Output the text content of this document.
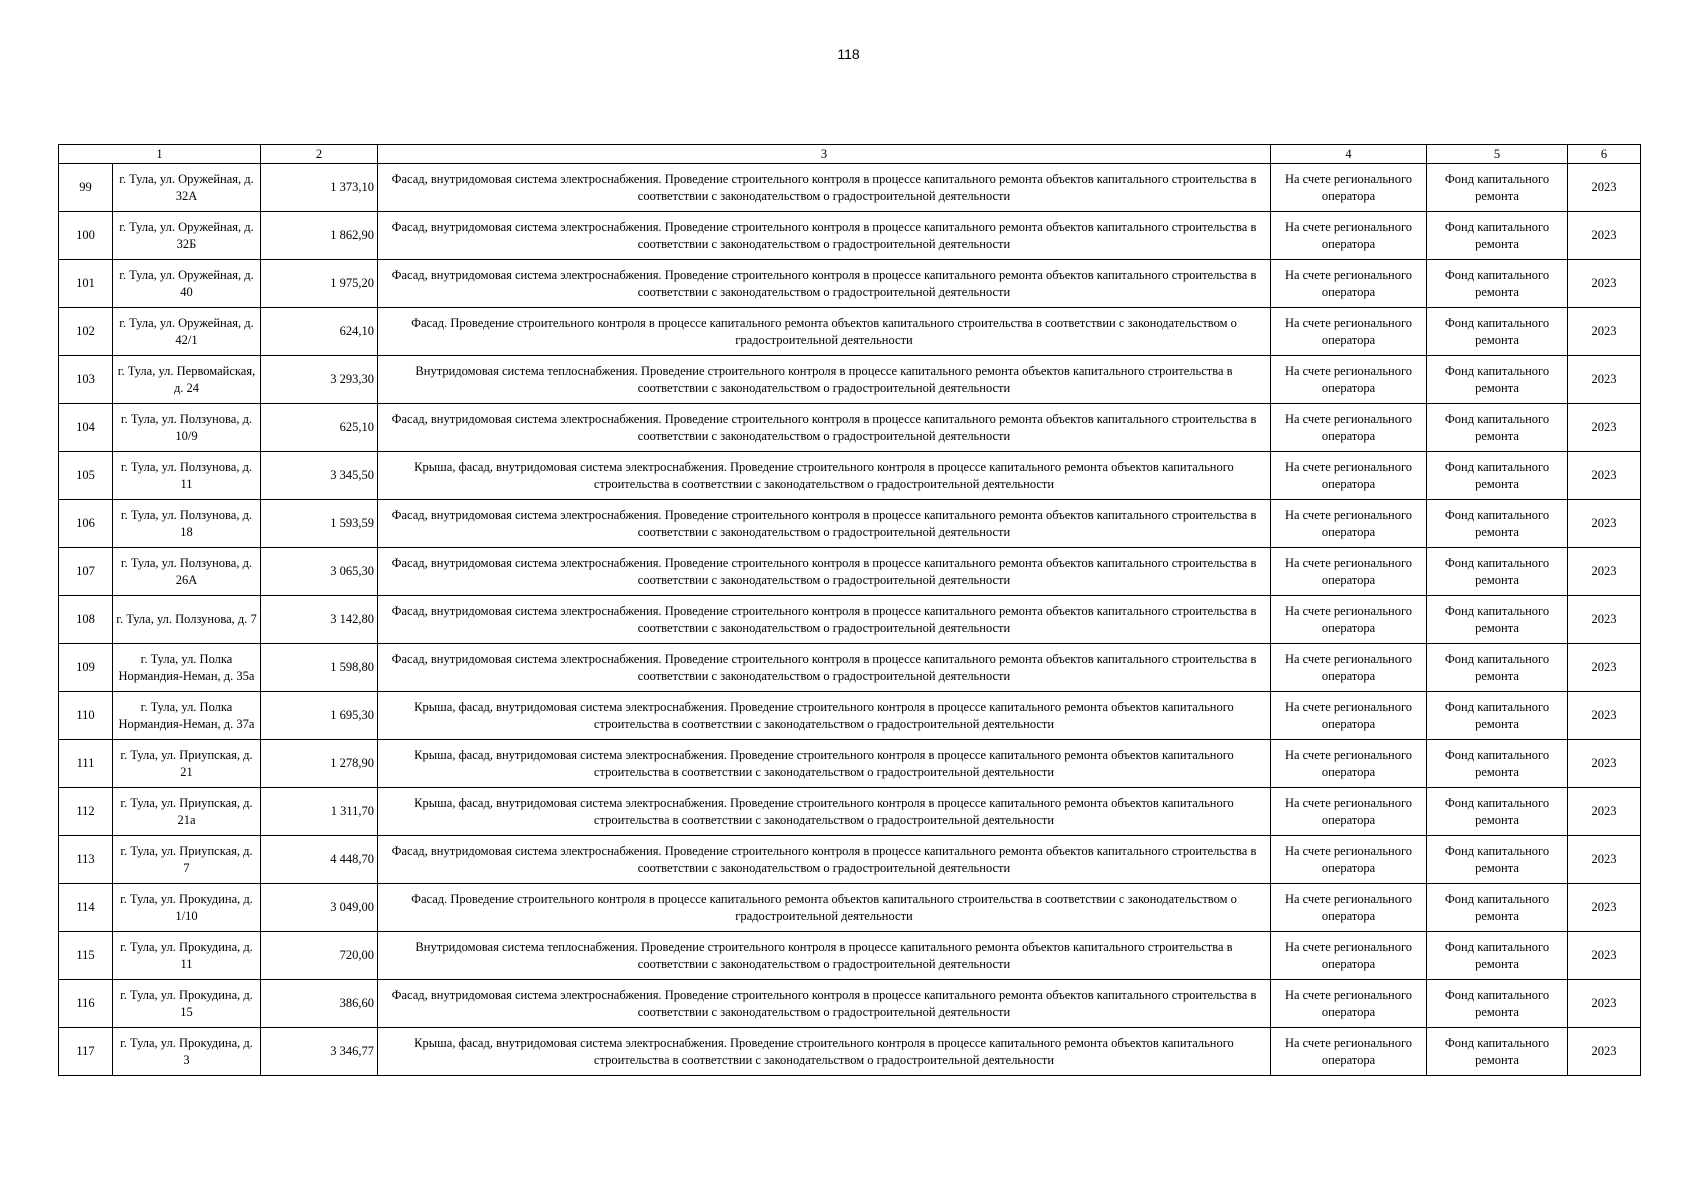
118
1		2	3	4	5	6
99	г. Тула, ул. Оружейная, д. 32А	1 373,10	Фасад, внутридомовая система электроснабжения. Проведение строительного контроля в процессе капитального ремонта объектов капитального строительства в соответствии с законодательством о градостроительной деятельности	На счете регионального оператора	Фонд капитального ремонта	2023
100	г. Тула, ул. Оружейная, д. 32Б	1 862,90	Фасад, внутридомовая система электроснабжения. Проведение строительного контроля в процессе капитального ремонта объектов капитального строительства в соответствии с законодательством о градостроительной деятельности	На счете регионального оператора	Фонд капитального ремонта	2023
101	г. Тула, ул. Оружейная, д. 40	1 975,20	Фасад, внутридомовая система электроснабжения. Проведение строительного контроля в процессе капитального ремонта объектов капитального строительства в соответствии с законодательством о градостроительной деятельности	На счете регионального оператора	Фонд капитального ремонта	2023
102	г. Тула, ул. Оружейная, д. 42/1	624,10	Фасад. Проведение строительного контроля в процессе капитального ремонта объектов капитального строительства в соответствии с законодательством о градостроительной деятельности	На счете регионального оператора	Фонд капитального ремонта	2023
103	г. Тула, ул. Первомайская, д. 24	3 293,30	Внутридомовая система теплоснабжения. Проведение строительного контроля в процессе капитального ремонта объектов капитального строительства в соответствии с законодательством о градостроительной деятельности	На счете регионального оператора	Фонд капитального ремонта	2023
104	г. Тула, ул. Ползунова, д. 10/9	625,10	Фасад, внутридомовая система электроснабжения. Проведение строительного контроля в процессе капитального ремонта объектов капитального строительства в соответствии с законодательством о градостроительной деятельности	На счете регионального оператора	Фонд капитального ремонта	2023
105	г. Тула, ул. Ползунова, д. 11	3 345,50	Крыша, фасад, внутридомовая система электроснабжения. Проведение строительного контроля в процессе капитального ремонта объектов капитального строительства в соответствии с законодательством о градостроительной деятельности	На счете регионального оператора	Фонд капитального ремонта	2023
106	г. Тула, ул. Ползунова, д. 18	1 593,59	Фасад, внутридомовая система электроснабжения. Проведение строительного контроля в процессе капитального ремонта объектов капитального строительства в соответствии с законодательством о градостроительной деятельности	На счете регионального оператора	Фонд капитального ремонта	2023
107	г. Тула, ул. Ползунова, д. 26А	3 065,30	Фасад, внутридомовая система электроснабжения. Проведение строительного контроля в процессе капитального ремонта объектов капитального строительства в соответствии с законодательством о градостроительной деятельности	На счете регионального оператора	Фонд капитального ремонта	2023
108	г. Тула, ул. Ползунова, д. 7	3 142,80	Фасад, внутридомовая система электроснабжения. Проведение строительного контроля в процессе капитального ремонта объектов капитального строительства в соответствии с законодательством о градостроительной деятельности	На счете регионального оператора	Фонд капитального ремонта	2023
109	г. Тула, ул. Полка Нормандия-Неман, д. 35а	1 598,80	Фасад, внутридомовая система электроснабжения. Проведение строительного контроля в процессе капитального ремонта объектов капитального строительства в соответствии с законодательством о градостроительной деятельности	На счете регионального оператора	Фонд капитального ремонта	2023
110	г. Тула, ул. Полка Нормандия-Неман, д. 37а	1 695,30	Крыша, фасад, внутридомовая система электроснабжения. Проведение строительного контроля в процессе капитального ремонта объектов капитального строительства в соответствии с законодательством о градостроительной деятельности	На счете регионального оператора	Фонд капитального ремонта	2023
111	г. Тула, ул. Приупская, д. 21	1 278,90	Крыша, фасад, внутридомовая система электроснабжения. Проведение строительного контроля в процессе капитального ремонта объектов капитального строительства в соответствии с законодательством о градостроительной деятельности	На счете регионального оператора	Фонд капитального ремонта	2023
112	г. Тула, ул. Приупская, д. 21а	1 311,70	Крыша, фасад, внутридомовая система электроснабжения. Проведение строительного контроля в процессе капитального ремонта объектов капитального строительства в соответствии с законодательством о градостроительной деятельности	На счете регионального оператора	Фонд капитального ремонта	2023
113	г. Тула, ул. Приупская, д. 7	4 448,70	Фасад, внутридомовая система электроснабжения. Проведение строительного контроля в процессе капитального ремонта объектов капитального строительства в соответствии с законодательством о градостроительной деятельности	На счете регионального оператора	Фонд капитального ремонта	2023
114	г. Тула, ул. Прокудина, д. 1/10	3 049,00	Фасад. Проведение строительного контроля в процессе капитального ремонта объектов капитального строительства в соответствии с законодательством о градостроительной деятельности	На счете регионального оператора	Фонд капитального ремонта	2023
115	г. Тула, ул. Прокудина, д. 11	720,00	Внутридомовая система теплоснабжения. Проведение строительного контроля в процессе капитального ремонта объектов капитального строительства в соответствии с законодательством о градостроительной деятельности	На счете регионального оператора	Фонд капитального ремонта	2023
116	г. Тула, ул. Прокудина, д. 15	386,60	Фасад, внутридомовая система электроснабжения. Проведение строительного контроля в процессе капитального ремонта объектов капитального строительства в соответствии с законодательством о градостроительной деятельности	На счете регионального оператора	Фонд капитального ремонта	2023
117	г. Тула, ул. Прокудина, д. 3	3 346,77	Крыша, фасад, внутридомовая система электроснабжения. Проведение строительного контроля в процессе капитального ремонта объектов капитального строительства в соответствии с законодательством о градостроительной деятельности	На счете регионального оператора	Фонд капитального ремонта	2023
